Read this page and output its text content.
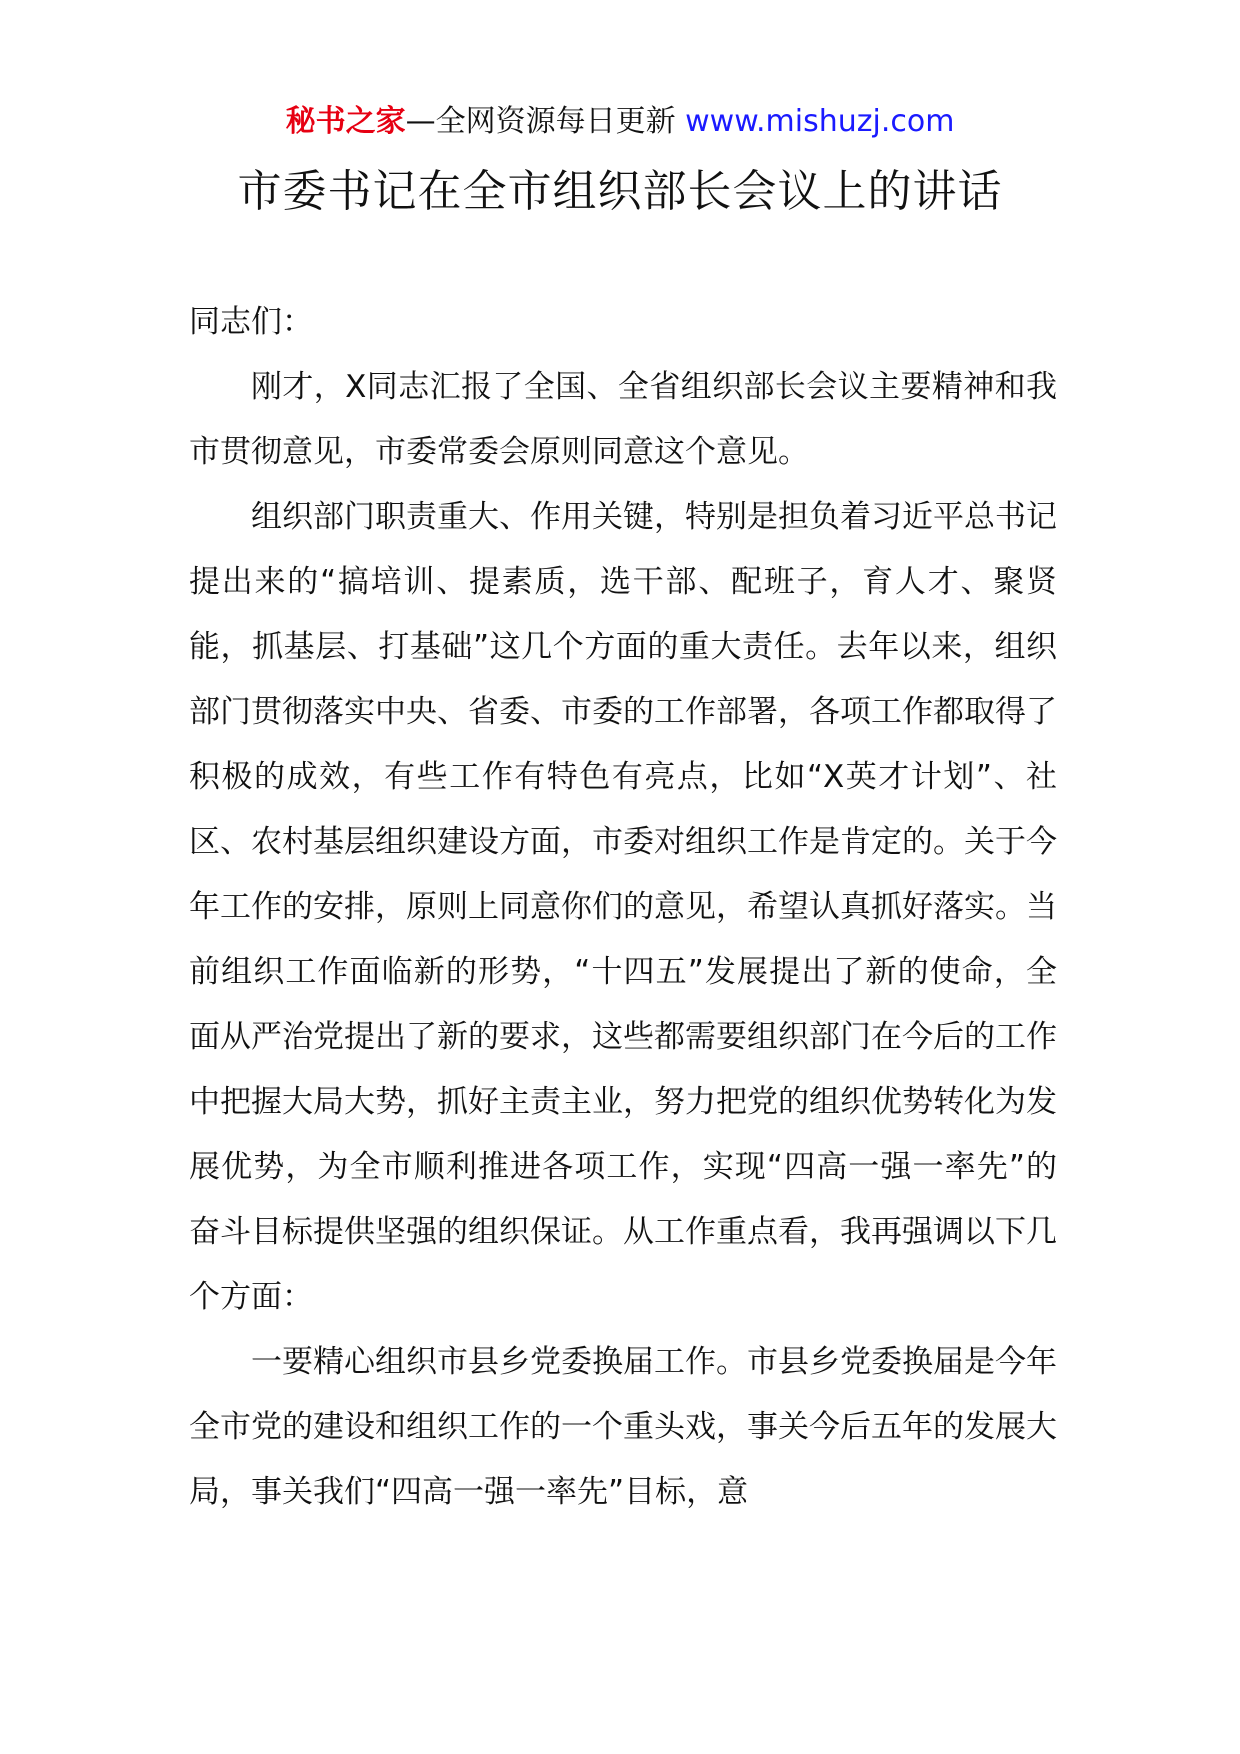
秘书之家—全网资源每日更新 www.mishuzj.com
市委书记在全市组织部长会议上的讲话

同志们：

刚才，X同志汇报了全国、全省组织部长会议主要精神和我市贯彻意见，市委常委会原则同意这个意见。

组织部门职责重大、作用关键，特别是担负着习近平总书记提出来的“搞培训、提素质，选干部、配班子，育人才、聚贤能，抓基层、打基础”这几个方面的重大责任。去年以来，组织部门贯彻落实中央、省委、市委的工作部署，各项工作都取得了积极的成效，有些工作有特色有亮点，比如“X英才计划”、社区、农村基层组织建设方面，市委对组织工作是肯定的。关于今年工作的安排，原则上同意你们的意见，希望认真抓好落实。当前组织工作面临新的形势，“十四五”发展提出了新的使命，全面从严治党提出了新的要求，这些都需要组织部门在今后的工作中把握大局大势，抓好主责主业，努力把党的组织优势转化为发展优势，为全市顺利推进各项工作，实现“四高一强一率先”的奋斗目标提供坚强的组织保证。从工作重点看，我再强调以下几个方面：

一要精心组织市县乡党委换届工作。市县乡党委换届是今年全市党的建设和组织工作的一个重头戏，事关今后五年的发展大局，事关我们“四高一强一率先”目标，意
